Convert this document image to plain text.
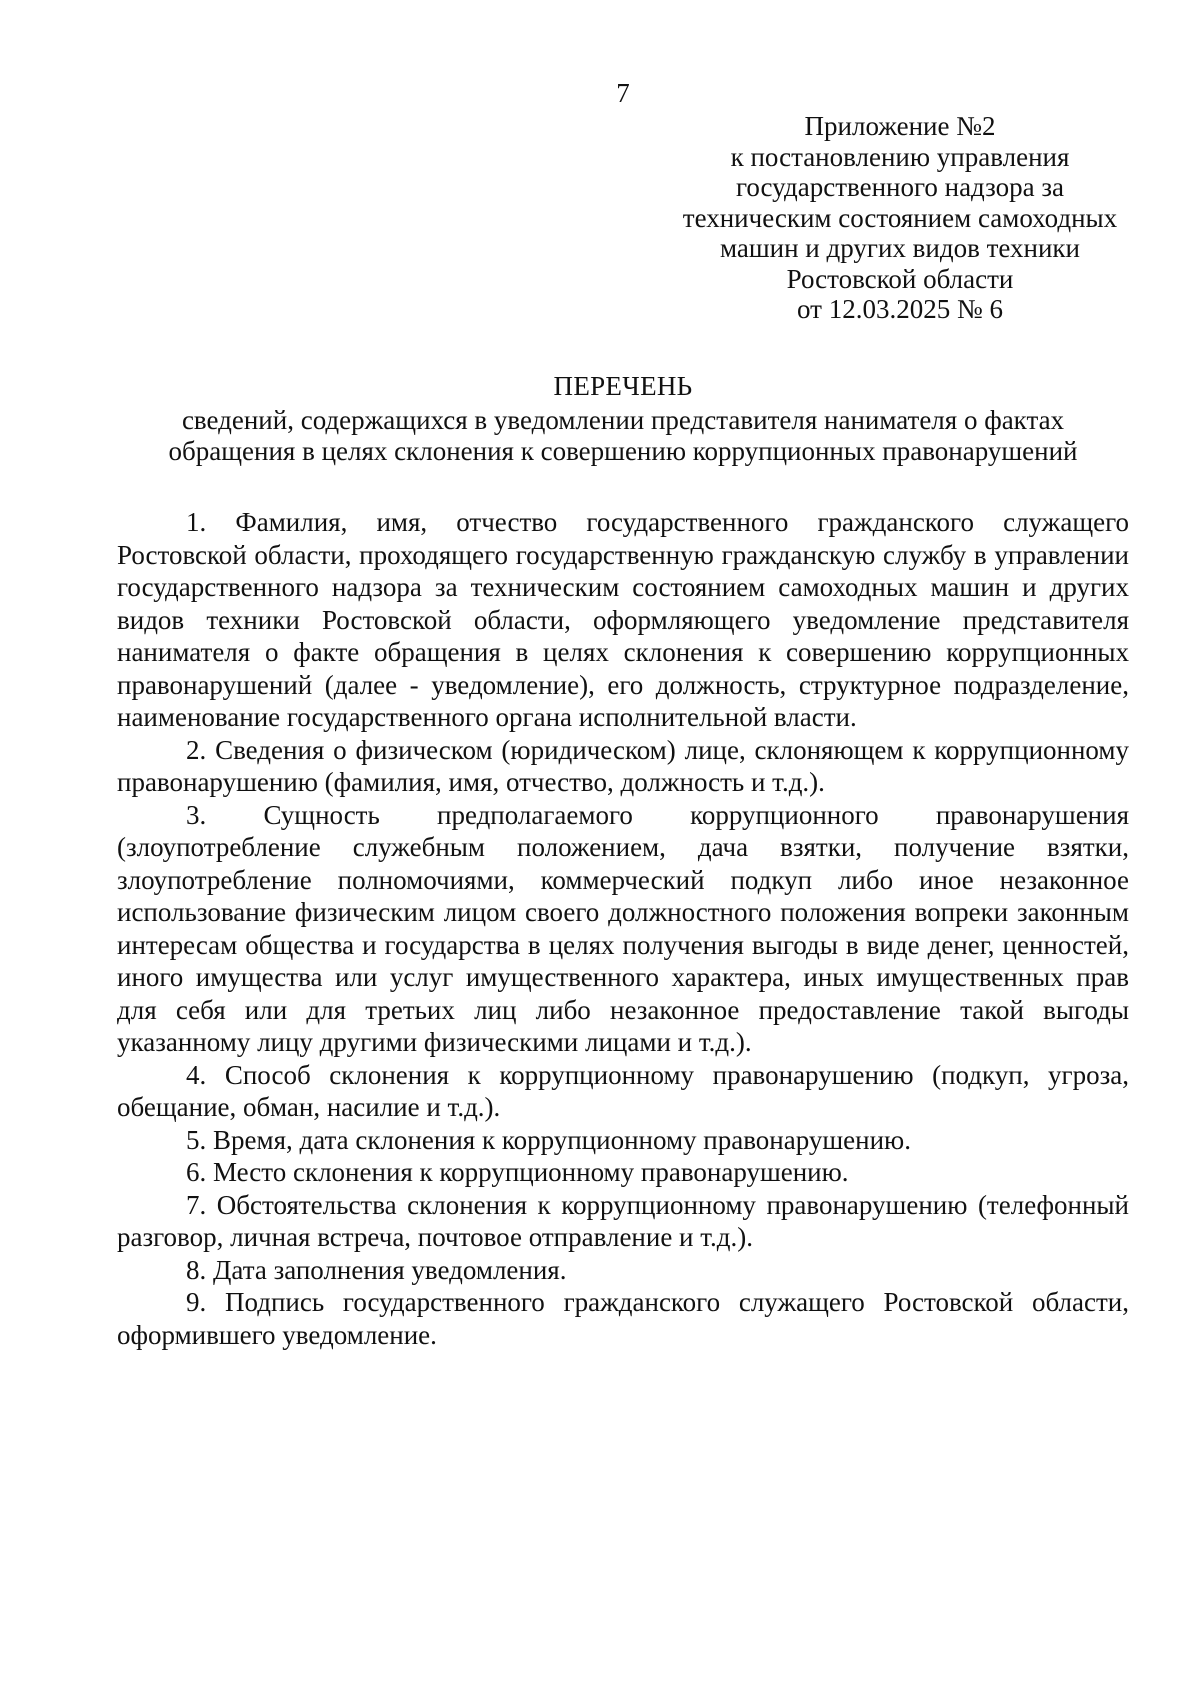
7
Приложение №2
к постановлению управления
государственного надзора за
техническим состоянием самоходных
машин и других видов техники
Ростовской области
от 12.03.2025 № 6
ПЕРЕЧЕНЬ
сведений, содержащихся в уведомлении представителя нанимателя о фактах
обращения в целях склонения к совершению коррупционных правонарушений

1. Фамилия, имя, отчество государственного гражданского служащего Ростовской области, проходящего государственную гражданскую службу в управлении государственного надзора за техническим состоянием самоходных машин и других видов техники Ростовской области, оформляющего уведомление представителя нанимателя о факте обращения в целях склонения к совершению коррупционных правонарушений (далее - уведомление), его должность, структурное подразделение, наименование государственного органа исполнительной власти.

2. Сведения о физическом (юридическом) лице, склоняющем к коррупционному правонарушению (фамилия, имя, отчество, должность и т.д.).

3. Сущность предполагаемого коррупционного правонарушения (злоупотребление служебным положением, дача взятки, получение взятки, злоупотребление полномочиями, коммерческий подкуп либо иное незаконное использование физическим лицом своего должностного положения вопреки законным интересам общества и государства в целях получения выгоды в виде денег, ценностей, иного имущества или услуг имущественного характера, иных имущественных прав для себя или для третьих лиц либо незаконное предоставление такой выгоды указанному лицу другими физическими лицами и т.д.).

4. Способ склонения к коррупционному правонарушению (подкуп, угроза, обещание, обман, насилие и т.д.).

5. Время, дата склонения к коррупционному правонарушению.

6. Место склонения к коррупционному правонарушению.

7. Обстоятельства склонения к коррупционному правонарушению (телефонный разговор, личная встреча, почтовое отправление и т.д.).

8. Дата заполнения уведомления.

9. Подпись государственного гражданского служащего Ростовской области, оформившего уведомление.
